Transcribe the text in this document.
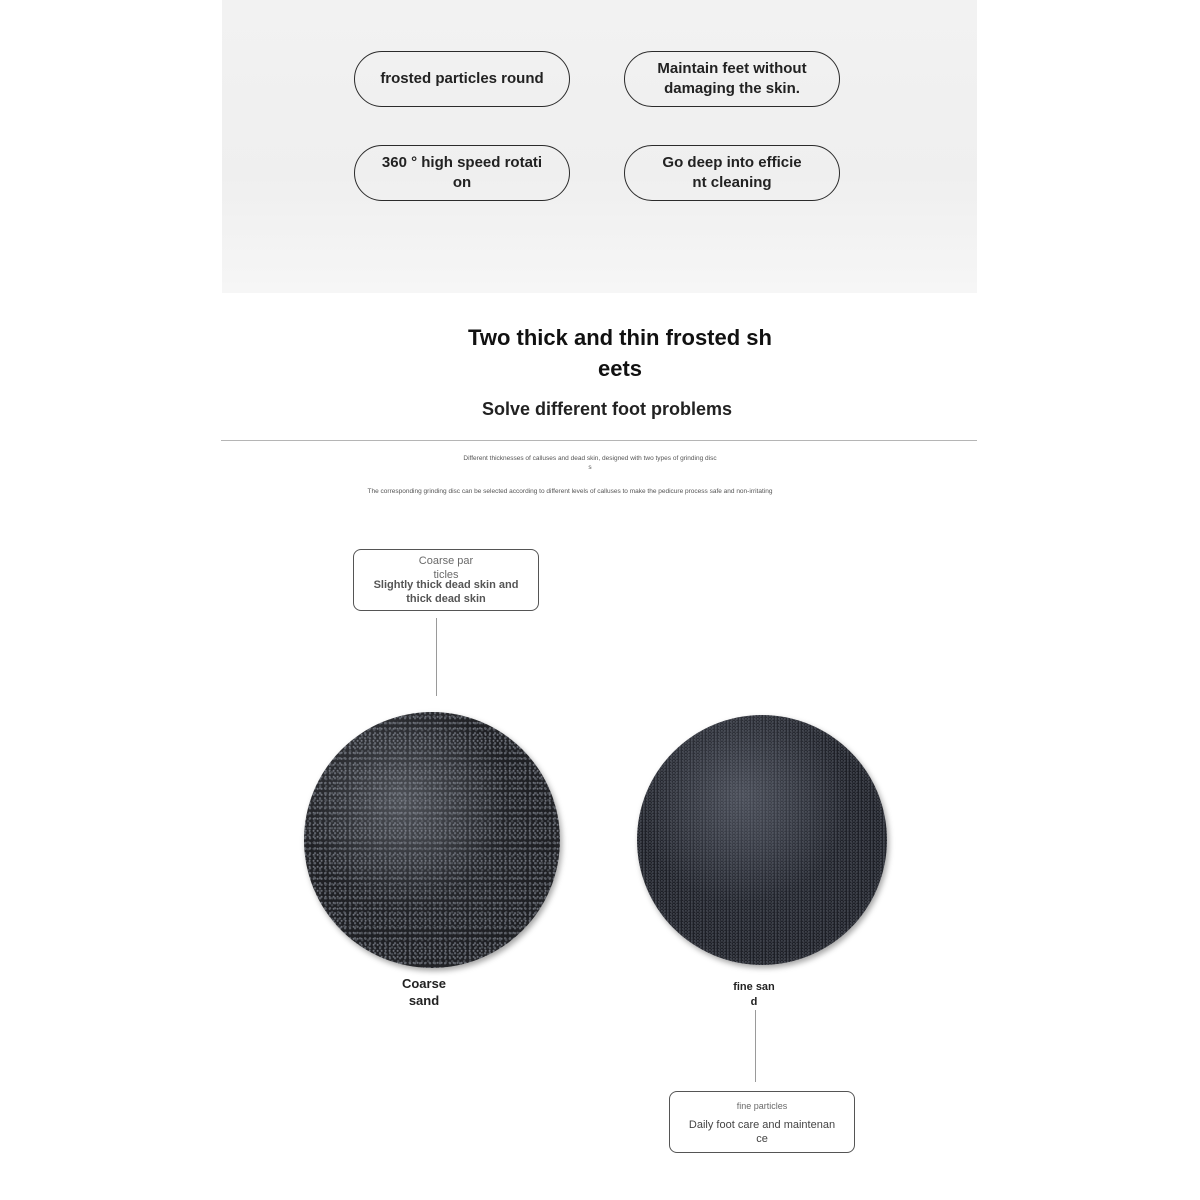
frosted particles round
Maintain feet without
damaging the skin.
360 ° high speed rotati
on
Go deep into efficie
nt cleaning
Two thick and thin frosted sh
eets
Solve different foot problems
Different thicknesses of calluses and dead skin, designed with two types of grinding disc
s
The corresponding grinding disc can be selected according to different levels of calluses to make the pedicure process safe and non-irritating
Coarse par
ticles
Slightly thick dead skin and
thick dead skin
Coarse
sand
fine san
d
fine particles
Daily foot care and maintenan
ce
